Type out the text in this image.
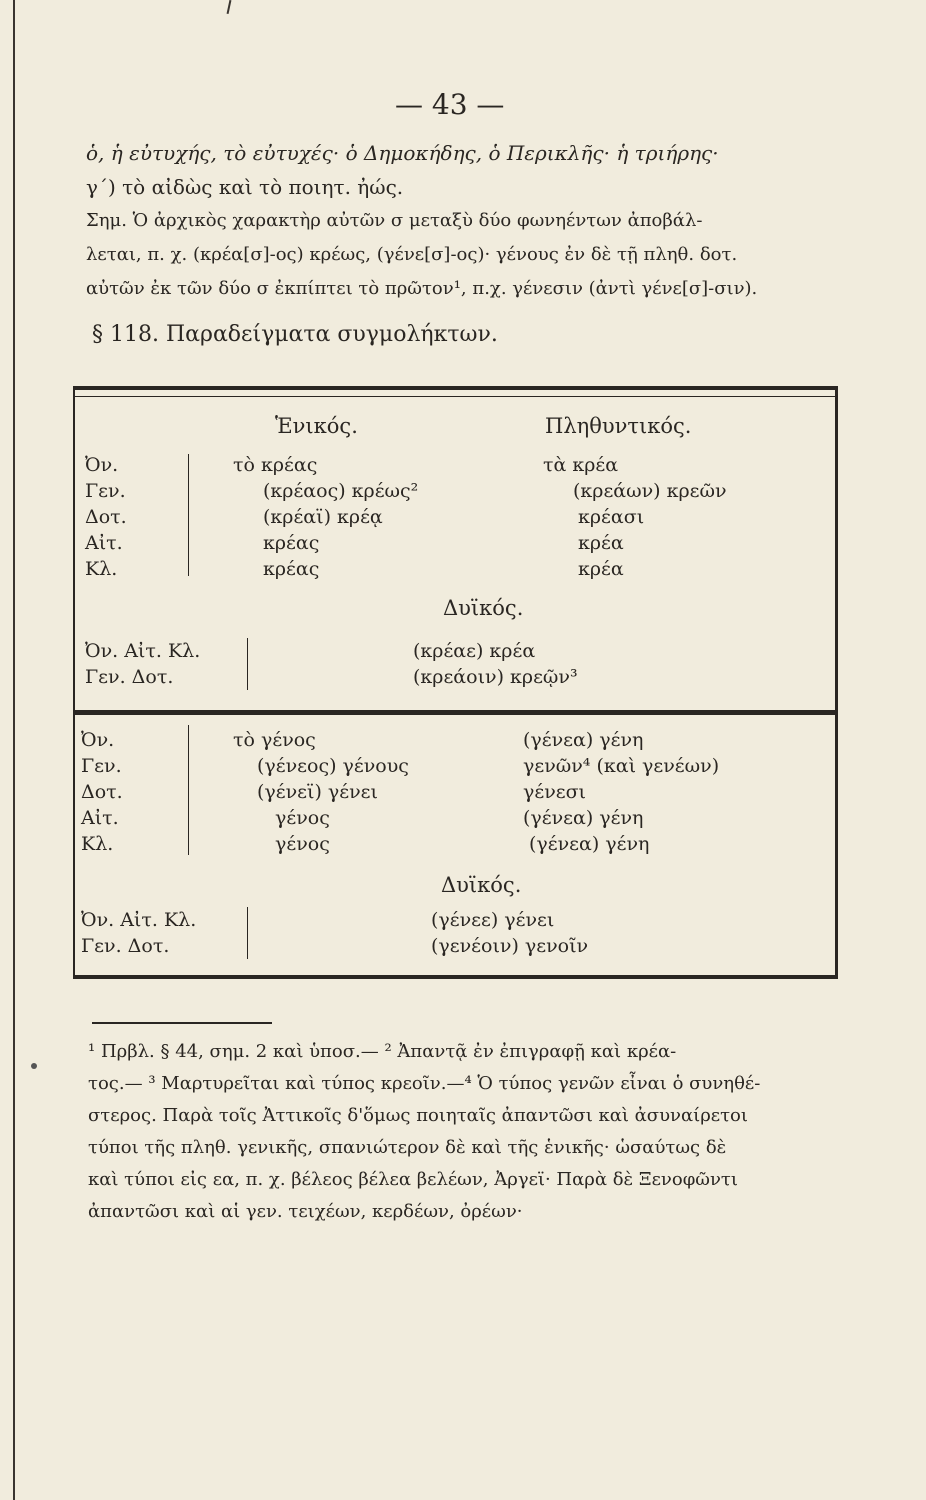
— 43 —
ὁ, ἡ εὐτυχής, τὸ εὐτυχές· ὁ Δημοκήδης, ὁ Περικλῆς· ἡ τριήρης·
γ΄) τὸ αἰδὼς καὶ τὸ ποιητ. ἠώς.
Σημ. Ὁ ἀρχικὸς χαρακτὴρ αὐτῶν σ μεταξὺ δύο φωνηέντων ἀποβάλ-
λεται, π. χ. (κρέα[σ]-ος) κρέως, (γένε[σ]-ος)· γένους ἐν δὲ τῇ πληθ. δοτ.
αὐτῶν ἐκ τῶν δύο σ ἐκπίπτει τὸ πρῶτον¹, π.χ. γένεσιν (ἀντὶ γένε[σ]-σιν).
§ 118. Παραδείγματα συγμολήκτων.
Ἑνικός.	Πληθυντικός.
Ὀν.
Γεν.
Δοτ.
Αἰτ.
Κλ.
τὸ κρέας
(κρέαος) κρέως²
(κρέαϊ) κρέᾳ
κρέας
κρέας
τὰ κρέα
(κρεάων) κρεῶν
κρέασι
κρέα
κρέα
Δυϊκός.
Ὀν. Αἰτ. Κλ.
Γεν. Δοτ.
(κρέαε) κρέα
(κρεάοιν) κρεῷν³
Ὀν.
Γεν.
Δοτ.
Αἰτ.
Κλ.
τὸ γένος
(γένεος) γένους
(γένεϊ) γένει
γένος
γένος
(γένεα) γένη
γενῶν⁴ (καὶ γενέων)
γένεσι
(γένεα) γένη
(γένεα) γένη
Δυϊκός.
Ὀν. Αἰτ. Κλ.
Γεν. Δοτ.
(γένεε) γένει
(γενέοιν) γενοῖν
¹ Πρβλ. § 44, σημ. 2 καὶ ὑποσ.— ² Ἀπαντᾷ ἐν ἐπιγραφῇ καὶ κρέα-
τος.— ³ Μαρτυρεῖται καὶ τύπος κρεοῖν.—⁴ Ὁ τύπος γενῶν εἶναι ὁ συνηθέ-
στερος. Παρὰ τοῖς Ἀττικοῖς δ'ὅμως ποιηταῖς ἀπαντῶσι καὶ ἀσυναίρετοι
τύποι τῆς πληθ. γενικῆς, σπανιώτερον δὲ καὶ τῆς ἑνικῆς· ὡσαύτως δὲ
καὶ τύποι εἰς εα, π. χ. βέλεος βέλεα βελέων, Ἀργεϊ· Παρὰ δὲ Ξενοφῶντι
ἀπαντῶσι καὶ αἱ γεν. τειχέων, κερδέων, ὀρέων·
